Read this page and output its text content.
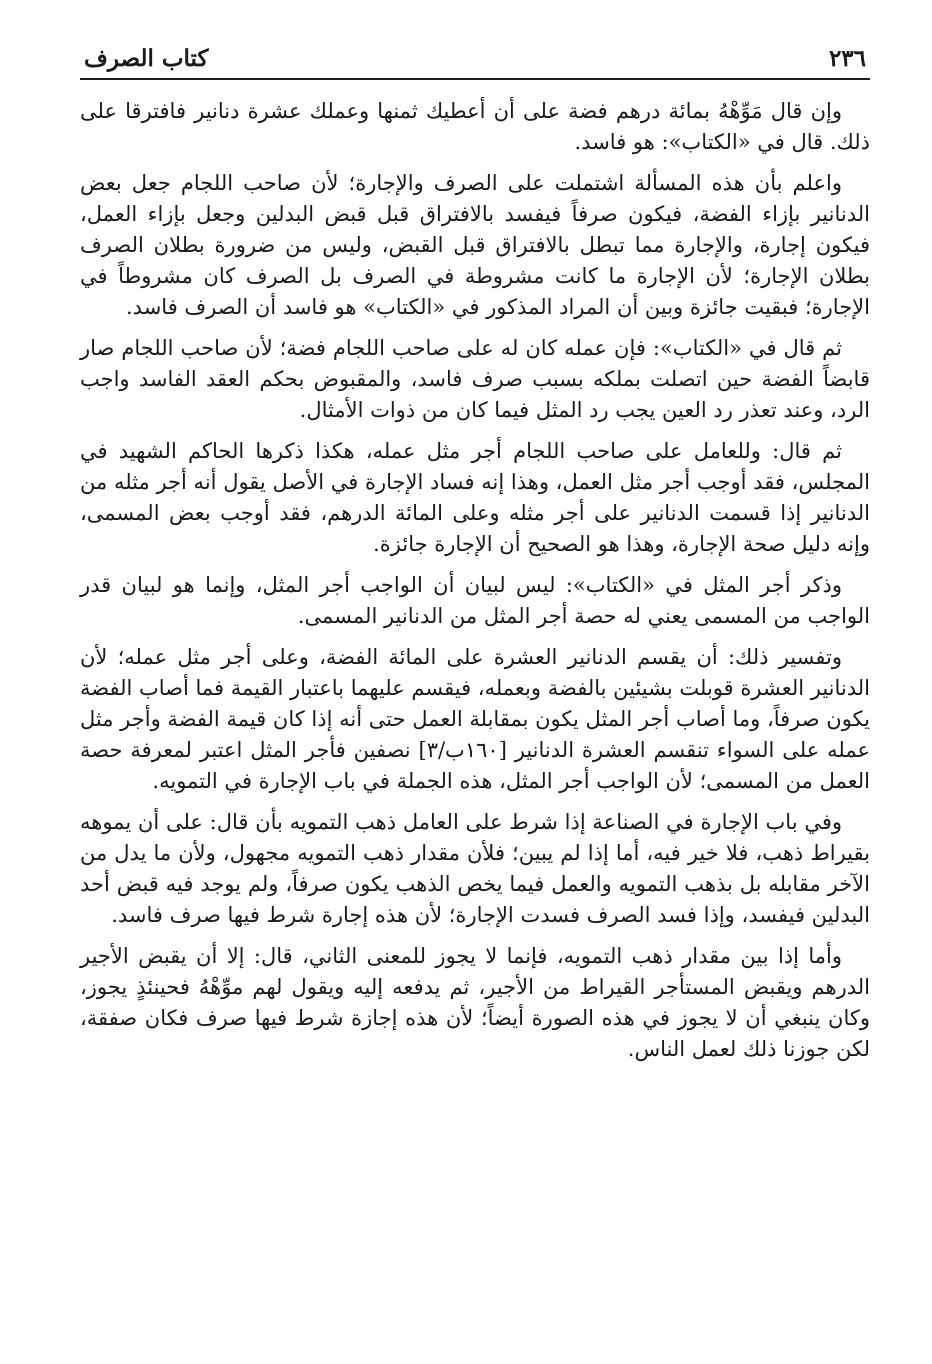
٢٣٦
كتاب الصرف

وإن قال مَوِّهْهُ بمائة درهم فضة على أن أعطيك ثمنها وعملك عشرة دنانير فافترقا على ذلك. قال في «الكتاب»: هو فاسد.

واعلم بأن هذه المسألة اشتملت على الصرف والإجارة؛ لأن صاحب اللجام جعل بعض الدنانير بإزاء الفضة، فيكون صرفاً فيفسد بالافتراق قبل قبض البدلين وجعل بإزاء العمل، فيكون إجارة، والإجارة مما تبطل بالافتراق قبل القبض، وليس من ضرورة بطلان الصرف بطلان الإجارة؛ لأن الإجارة ما كانت مشروطة في الصرف بل الصرف كان مشروطاً في الإجارة؛ فبقيت جائزة وبين أن المراد المذكور في «الكتاب» هو فاسد أن الصرف فاسد.

ثم قال في «الكتاب»: فإن عمله كان له على صاحب اللجام فضة؛ لأن صاحب اللجام صار قابضاً الفضة حين اتصلت بملكه بسبب صرف فاسد، والمقبوض بحكم العقد الفاسد واجب الرد، وعند تعذر رد العين يجب رد المثل فيما كان من ذوات الأمثال.

ثم قال: وللعامل على صاحب اللجام أجر مثل عمله، هكذا ذكرها الحاكم الشهيد في المجلس، فقد أوجب أجر مثل العمل، وهذا إنه فساد الإجارة في الأصل يقول أنه أجر مثله من الدنانير إذا قسمت الدنانير على أجر مثله وعلى المائة الدرهم، فقد أوجب بعض المسمى، وإنه دليل صحة الإجارة، وهذا هو الصحيح أن الإجارة جائزة.

وذكر أجر المثل في «الكتاب»: ليس لبيان أن الواجب أجر المثل، وإنما هو لبيان قدر الواجب من المسمى يعني له حصة أجر المثل من الدنانير المسمى.

وتفسير ذلك: أن يقسم الدنانير العشرة على المائة الفضة، وعلى أجر مثل عمله؛ لأن الدنانير العشرة قوبلت بشيئين بالفضة وبعمله، فيقسم عليهما باعتبار القيمة فما أصاب الفضة يكون صرفاً، وما أصاب أجر المثل يكون بمقابلة العمل حتى أنه إذا كان قيمة الفضة وأجر مثل عمله على السواء تنقسم العشرة الدنانير [١٦٠ب/٣] نصفين فأجر المثل اعتبر لمعرفة حصة العمل من المسمى؛ لأن الواجب أجر المثل، هذه الجملة في باب الإجارة في التمويه.

وفي باب الإجارة في الصناعة إذا شرط على العامل ذهب التمويه بأن قال: على أن يموهه بقيراط ذهب، فلا خير فيه، أما إذا لم يبين؛ فلأن مقدار ذهب التمويه مجهول، ولأن ما يدل من الآخر مقابله بل بذهب التمويه والعمل فيما يخص الذهب يكون صرفاً، ولم يوجد فيه قبض أحد البدلين فيفسد، وإذا فسد الصرف فسدت الإجارة؛ لأن هذه إجارة شرط فيها صرف فاسد.

وأما إذا بين مقدار ذهب التمويه، فإنما لا يجوز للمعنى الثاني، قال: إلا أن يقبض الأجير الدرهم ويقبض المستأجر القيراط من الأجير، ثم يدفعه إليه ويقول لهم موِّهْهُ فحينئذٍ يجوز، وكان ينبغي أن لا يجوز في هذه الصورة أيضاً؛ لأن هذه إجازة شرط فيها صرف فكان صفقة، لكن جوزنا ذلك لعمل الناس.
